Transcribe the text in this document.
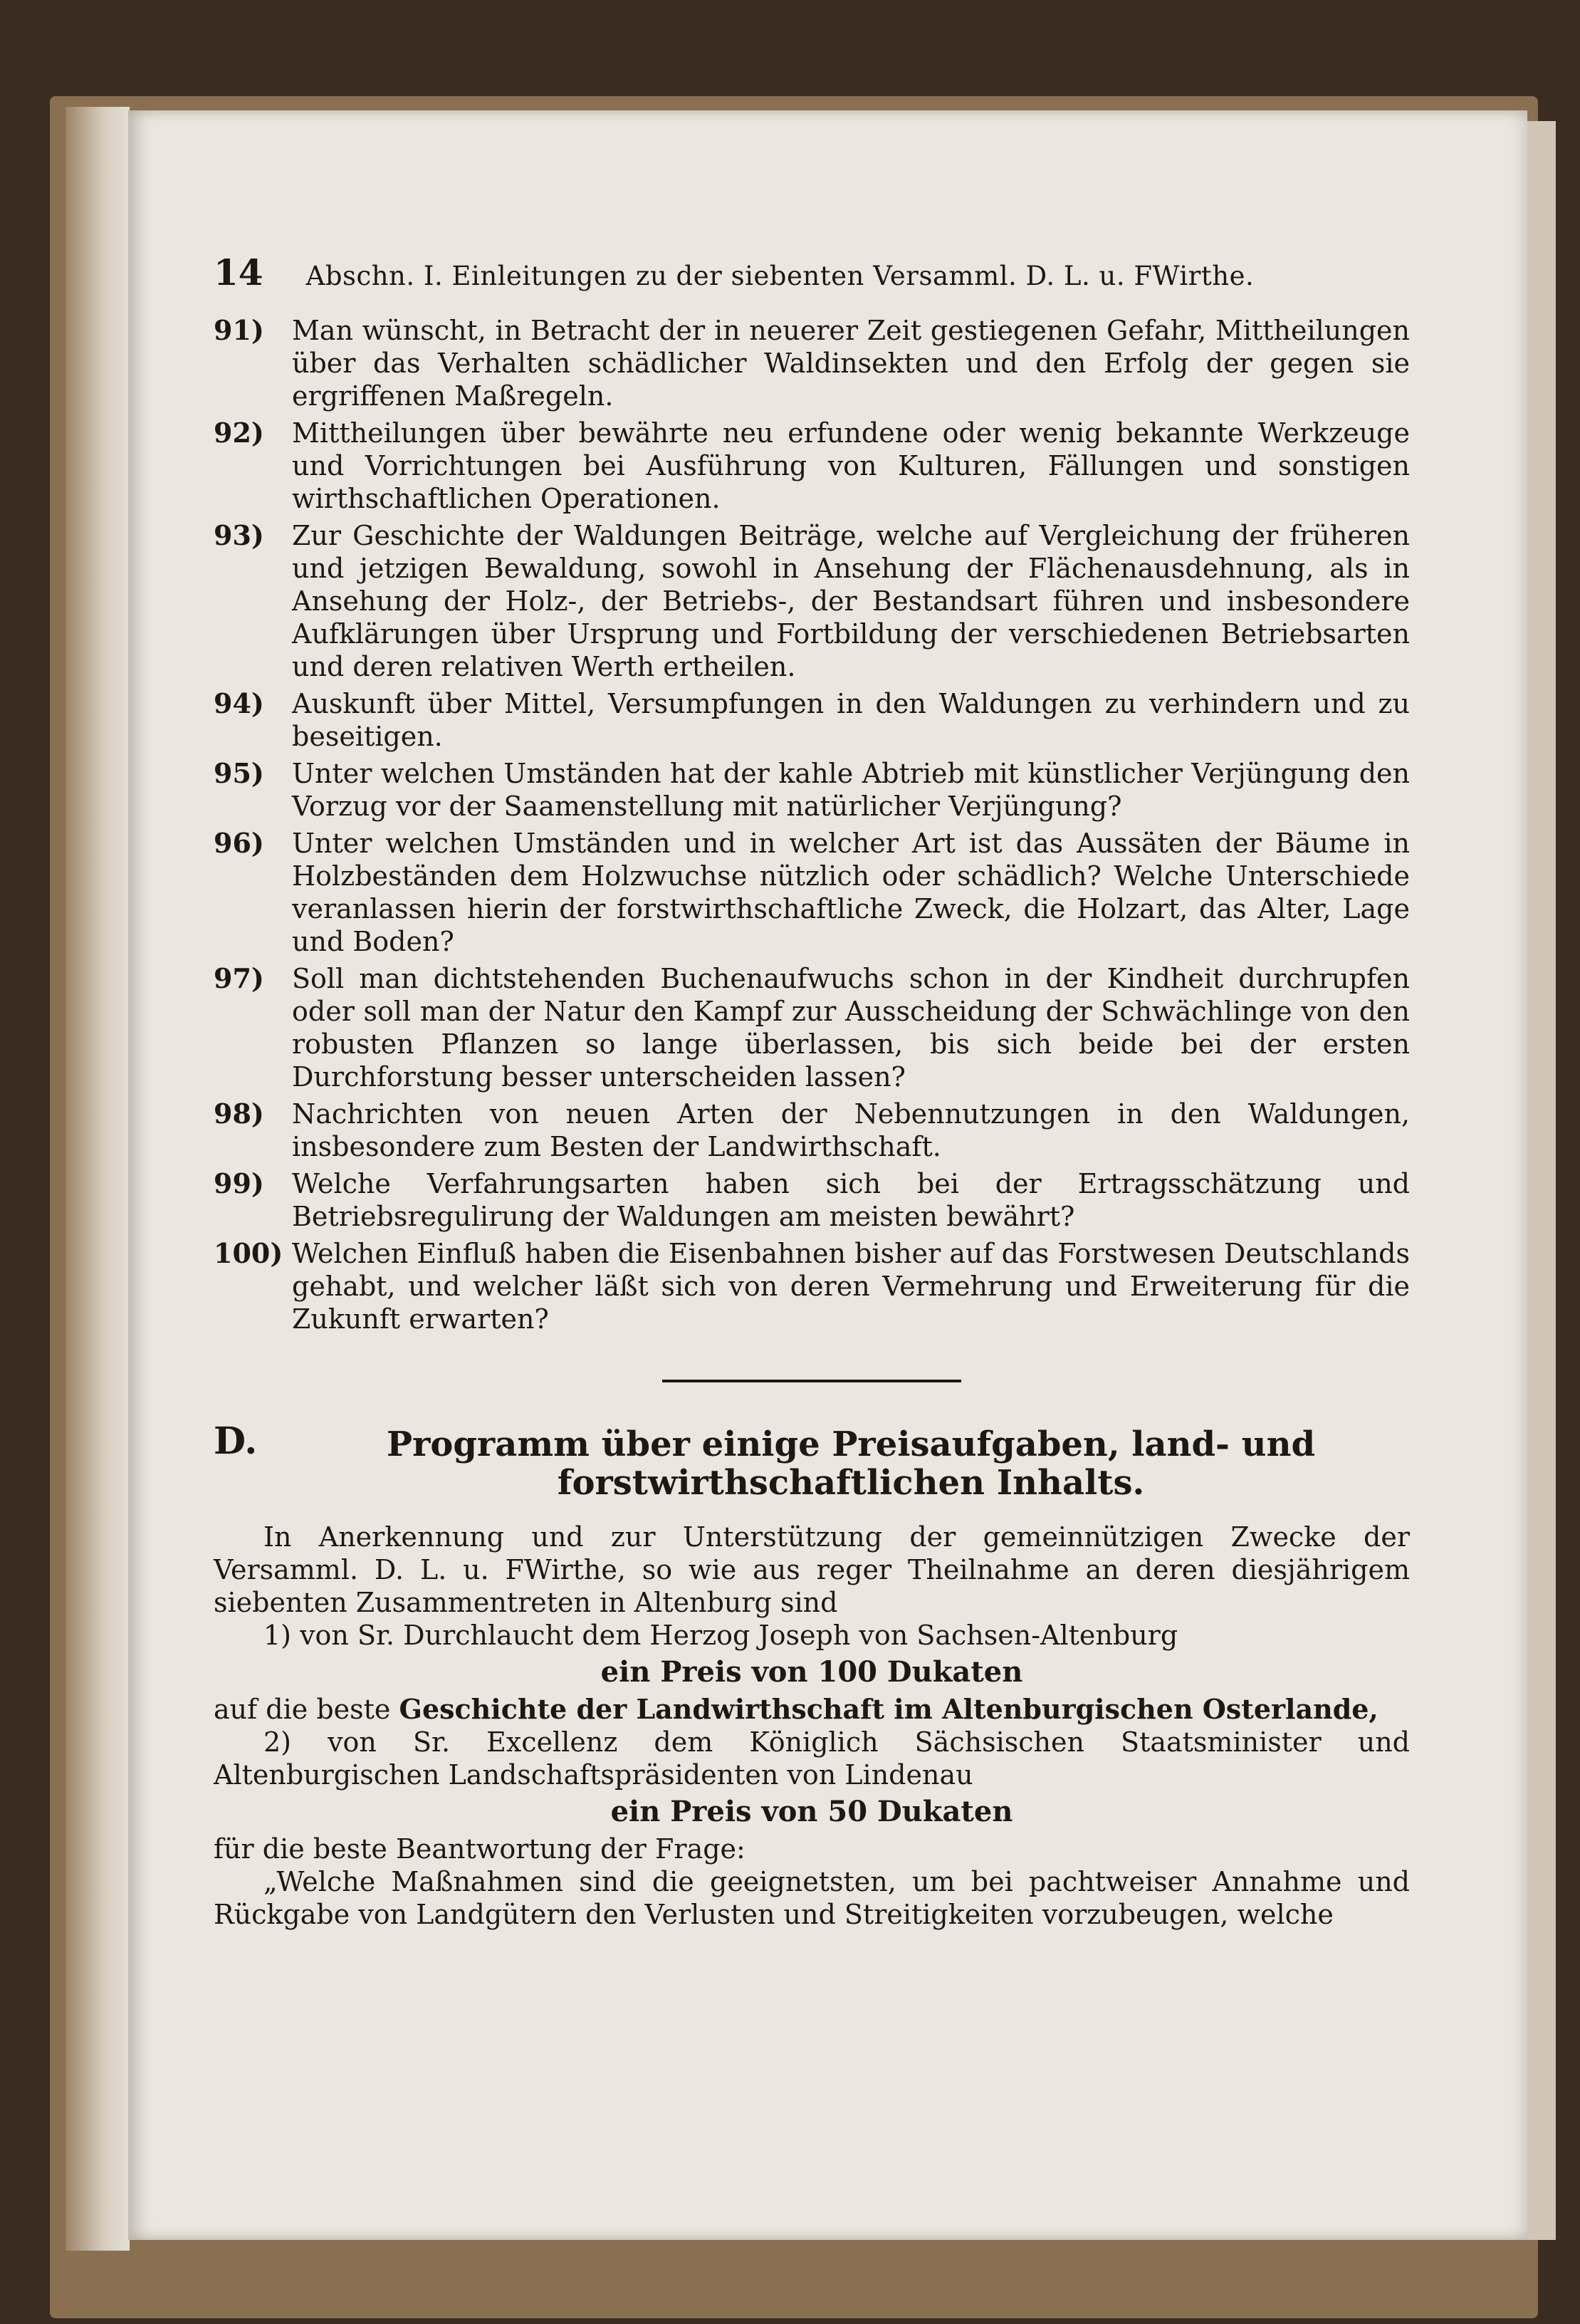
14 Abschn. I. Einleitungen zu der siebenten Versamml. D. L. u. FWirthe.
91)	Man wünscht, in Betracht der in neuerer Zeit gestiegenen Gefahr, Mittheilungen über das Verhalten schädlicher Waldinsekten und den Erfolg der gegen sie ergriffenen Maßregeln.
92)	Mittheilungen über bewährte neu erfundene oder wenig bekannte Werkzeuge und Vorrichtungen bei Ausführung von Kulturen, Fällungen und sonstigen wirthschaftlichen Operationen.
93)	Zur Geschichte der Waldungen Beiträge, welche auf Vergleichung der früheren und jetzigen Bewaldung, sowohl in Ansehung der Flächenausdehnung, als in Ansehung der Holz-, der Betriebs-, der Bestandsart führen und insbesondere Aufklärungen über Ursprung und Fortbildung der verschiedenen Betriebsarten und deren relativen Werth ertheilen.
94)	Auskunft über Mittel, Versumpfungen in den Waldungen zu verhindern und zu beseitigen.
95)	Unter welchen Umständen hat der kahle Abtrieb mit künstlicher Verjüngung den Vorzug vor der Saamenstellung mit natürlicher Verjüngung?
96)	Unter welchen Umständen und in welcher Art ist das Aussäten der Bäume in Holzbeständen dem Holzwuchse nützlich oder schädlich? Welche Unterschiede veranlassen hierin der forstwirthschaftliche Zweck, die Holzart, das Alter, Lage und Boden?
97)	Soll man dichtstehenden Buchenaufwuchs schon in der Kindheit durchrupfen oder soll man der Natur den Kampf zur Ausscheidung der Schwächlinge von den robusten Pflanzen so lange überlassen, bis sich beide bei der ersten Durchforstung besser unterscheiden lassen?
98)	Nachrichten von neuen Arten der Nebennutzungen in den Waldungen, insbesondere zum Besten der Landwirthschaft.
99)	Welche Verfahrungsarten haben sich bei der Ertragsschätzung und Betriebsregulirung der Waldungen am meisten bewährt?
100) Welchen Einfluß haben die Eisenbahnen bisher auf das Forstwesen Deutschlands gehabt, und welcher läßt sich von deren Vermehrung und Erweiterung für die Zukunft erwarten?
D.	Programm über einige Preisaufgaben, land- und forstwirthschaftlichen Inhalts.
In Anerkennung und zur Unterstützung der gemeinnützigen Zwecke der Versamml. D. L. u. FWirthe, so wie aus reger Theilnahme an deren diesjährigem siebenten Zusammentreten in Altenburg sind
1) von Sr. Durchlaucht dem Herzog Joseph von Sachsen-Altenburg
ein Preis von 100 Dukaten
auf die beste Geschichte der Landwirthschaft im Altenburgischen Osterlande,
2) von Sr. Excellenz dem Königlich Sächsischen Staatsminister und Altenburgischen Landschaftspräsidenten von Lindenau
ein Preis von 50 Dukaten
für die beste Beantwortung der Frage:
„Welche Maßnahmen sind die geeignetsten, um bei pachtweiser Annahme und Rückgabe von Landgütern den Verlusten und Streitigkeiten vorzubeugen, welche
